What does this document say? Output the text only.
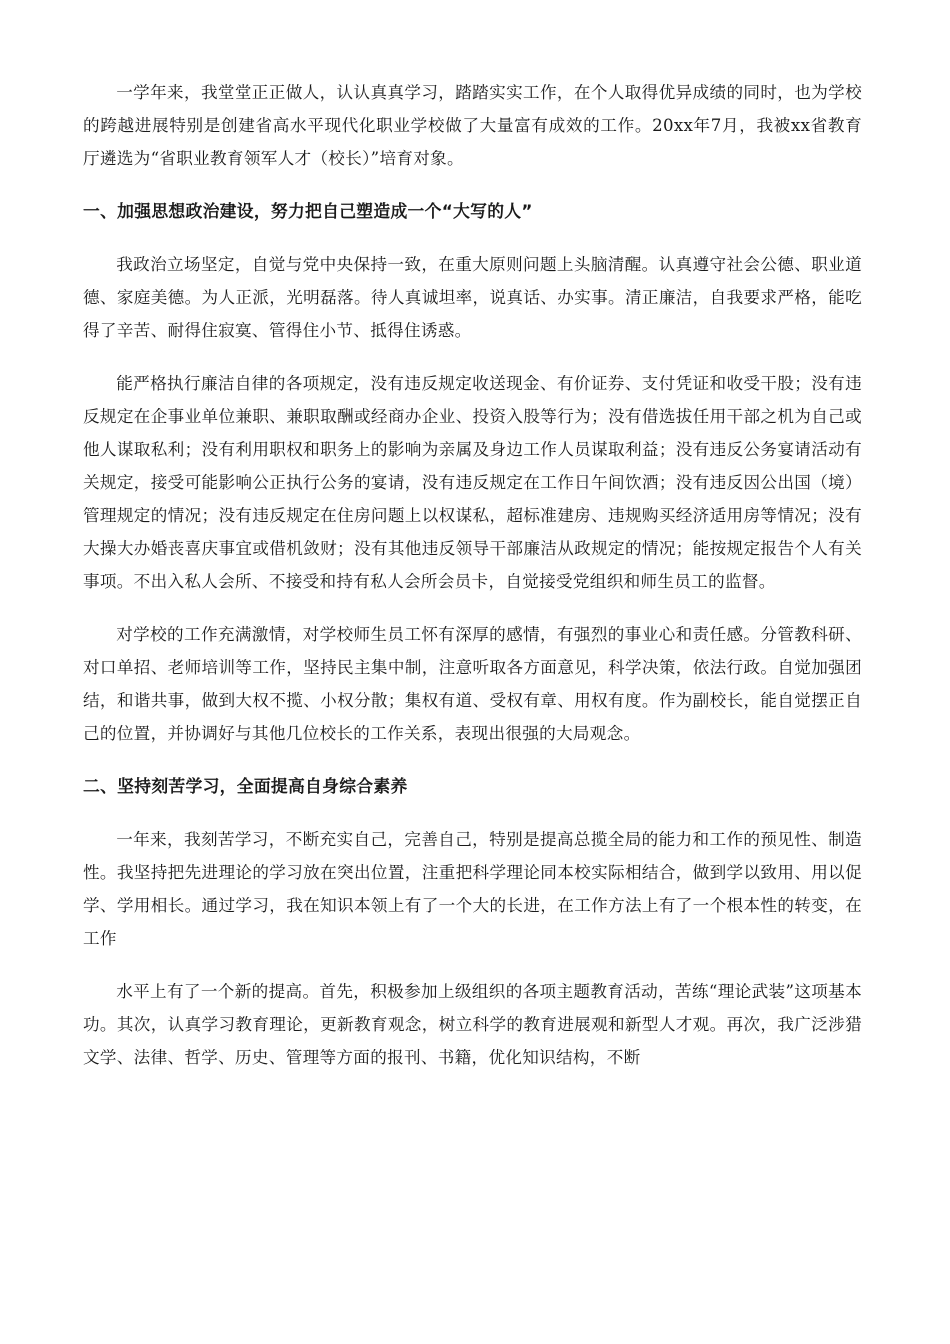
一学年来，我堂堂正正做人，认认真真学习，踏踏实实工作，在个人取得优异成绩的同时，也为学校的跨越进展特别是创建省高水平现代化职业学校做了大量富有成效的工作。20xx年7月，我被xx省教育厅遴选为“省职业教育领军人才（校长）”培育对象。

一、加强思想政治建设，努力把自己塑造成一个“大写的人”

我政治立场坚定，自觉与党中央保持一致，在重大原则问题上头脑清醒。认真遵守社会公德、职业道德、家庭美德。为人正派，光明磊落。待人真诚坦率，说真话、办实事。清正廉洁，自我要求严格，能吃得了辛苦、耐得住寂寞、管得住小节、抵得住诱惑。

能严格执行廉洁自律的各项规定，没有违反规定收送现金、有价证券、支付凭证和收受干股；没有违反规定在企事业单位兼职、兼职取酬或经商办企业、投资入股等行为；没有借选拔任用干部之机为自己或他人谋取私利；没有利用职权和职务上的影响为亲属及身边工作人员谋取利益；没有违反公务宴请活动有关规定，接受可能影响公正执行公务的宴请，没有违反规定在工作日午间饮酒；没有违反因公出国（境）管理规定的情况；没有违反规定在住房问题上以权谋私，超标准建房、违规购买经济适用房等情况；没有大操大办婚丧喜庆事宜或借机敛财；没有其他违反领导干部廉洁从政规定的情况；能按规定报告个人有关事项。不出入私人会所、不接受和持有私人会所会员卡，自觉接受党组织和师生员工的监督。

对学校的工作充满激情，对学校师生员工怀有深厚的感情，有强烈的事业心和责任感。分管教科研、对口单招、老师培训等工作，坚持民主集中制，注意听取各方面意见，科学决策，依法行政。自觉加强团结，和谐共事，做到大权不揽、小权分散；集权有道、受权有章、用权有度。作为副校长，能自觉摆正自己的位置，并协调好与其他几位校长的工作关系，表现出很强的大局观念。

二、坚持刻苦学习，全面提高自身综合素养

一年来，我刻苦学习，不断充实自己，完善自己，特别是提高总揽全局的能力和工作的预见性、制造性。我坚持把先进理论的学习放在突出位置，注重把科学理论同本校实际相结合，做到学以致用、用以促学、学用相长。通过学习，我在知识本领上有了一个大的长进，在工作方法上有了一个根本性的转变，在工作

水平上有了一个新的提高。首先，积极参加上级组织的各项主题教育活动，苦练“理论武装”这项基本功。其次，认真学习教育理论，更新教育观念，树立科学的教育进展观和新型人才观。再次，我广泛涉猎文学、法律、哲学、历史、管理等方面的报刊、书籍，优化知识结构，不断
